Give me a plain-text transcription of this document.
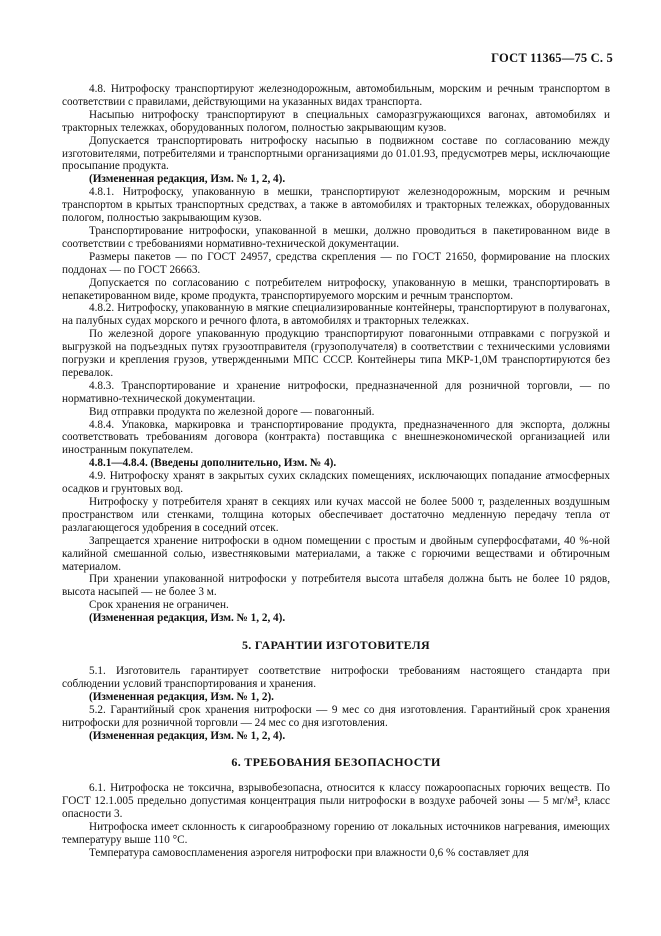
ГОСТ 11365—75 С. 5

4.8. Нитрофоску транспортируют железнодорожным, автомобильным, морским и речным транспортом в соответствии с правилами, действующими на указанных видах транспорта.

Насыпью нитрофоску транспортируют в специальных саморазгружающихся вагонах, автомобилях и тракторных тележках, оборудованных пологом, полностью закрывающим кузов.

Допускается транспортировать нитрофоску насыпью в подвижном составе по согласованию между изготовителями, потребителями и транспортными организациями до 01.01.93, предусмотрев меры, исключающие просыпание продукта.

(Измененная редакция, Изм. № 1, 2, 4).

4.8.1. Нитрофоску, упакованную в мешки, транспортируют железнодорожным, морским и речным транспортом в крытых транспортных средствах, а также в автомобилях и тракторных тележках, оборудованных пологом, полностью закрывающим кузов.

Транспортирование нитрофоски, упакованной в мешки, должно проводиться в пакетированном виде в соответствии с требованиями нормативно-технической документации.

Размеры пакетов — по ГОСТ 24957, средства скрепления — по ГОСТ 21650, формирование на плоских поддонах — по ГОСТ 26663.

Допускается по согласованию с потребителем нитрофоску, упакованную в мешки, транспортировать в непакетированном виде, кроме продукта, транспортируемого морским и речным транспортом.

4.8.2. Нитрофоску, упакованную в мягкие специализированные контейнеры, транспортируют в полувагонах, на палубных судах морского и речного флота, в автомобилях и тракторных тележках.

По железной дороге упакованную продукцию транспортируют повагонными отправками с погрузкой и выгрузкой на подъездных путях грузоотправителя (грузополучателя) в соответствии с техническими условиями погрузки и крепления грузов, утвержденными МПС СССР. Контейнеры типа МКР-1,0М транспортируются без перевалок.

4.8.3. Транспортирование и хранение нитрофоски, предназначенной для розничной торговли, — по нормативно-технической документации.

Вид отправки продукта по железной дороге — повагонный.

4.8.4. Упаковка, маркировка и транспортирование продукта, предназначенного для экспорта, должны соответствовать требованиям договора (контракта) поставщика с внешнеэкономической организацией или иностранным покупателем.

4.8.1—4.8.4. (Введены дополнительно, Изм. № 4).

4.9. Нитрофоску хранят в закрытых сухих складских помещениях, исключающих попадание атмосферных осадков и грунтовых вод.

Нитрофоску у потребителя хранят в секциях или кучах массой не более 5000 т, разделенных воздушным пространством или стенками, толщина которых обеспечивает достаточно медленную передачу тепла от разлагающегося удобрения в соседний отсек.

Запрещается хранение нитрофоски в одном помещении с простым и двойным суперфосфатами, 40 %-ной калийной смешанной солью, известняковыми материалами, а также с горючими веществами и обтирочным материалом.

При хранении упакованной нитрофоски у потребителя высота штабеля должна быть не более 10 рядов, высота насыпей — не более 3 м.

Срок хранения не ограничен.

(Измененная редакция, Изм. № 1, 2, 4).

5. ГАРАНТИИ ИЗГОТОВИТЕЛЯ

5.1. Изготовитель гарантирует соответствие нитрофоски требованиям настоящего стандарта при соблюдении условий транспортирования и хранения.

(Измененная редакция, Изм. № 1, 2).

5.2. Гарантийный срок хранения нитрофоски — 9 мес со дня изготовления. Гарантийный срок хранения нитрофоски для розничной торговли — 24 мес со дня изготовления.

(Измененная редакция, Изм. № 1, 2, 4).

6. ТРЕБОВАНИЯ БЕЗОПАСНОСТИ

6.1. Нитрофоска не токсична, взрывобезопасна, относится к классу пожароопасных горючих веществ. По ГОСТ 12.1.005 предельно допустимая концентрация пыли нитрофоски в воздухе рабочей зоны — 5 мг/м³, класс опасности 3.

Нитрофоска имеет склонность к сигарообразному горению от локальных источников нагревания, имеющих температуру выше 110 °С.

Температура самовоспламенения аэрогеля нитрофоски при влажности 0,6 % составляет для
